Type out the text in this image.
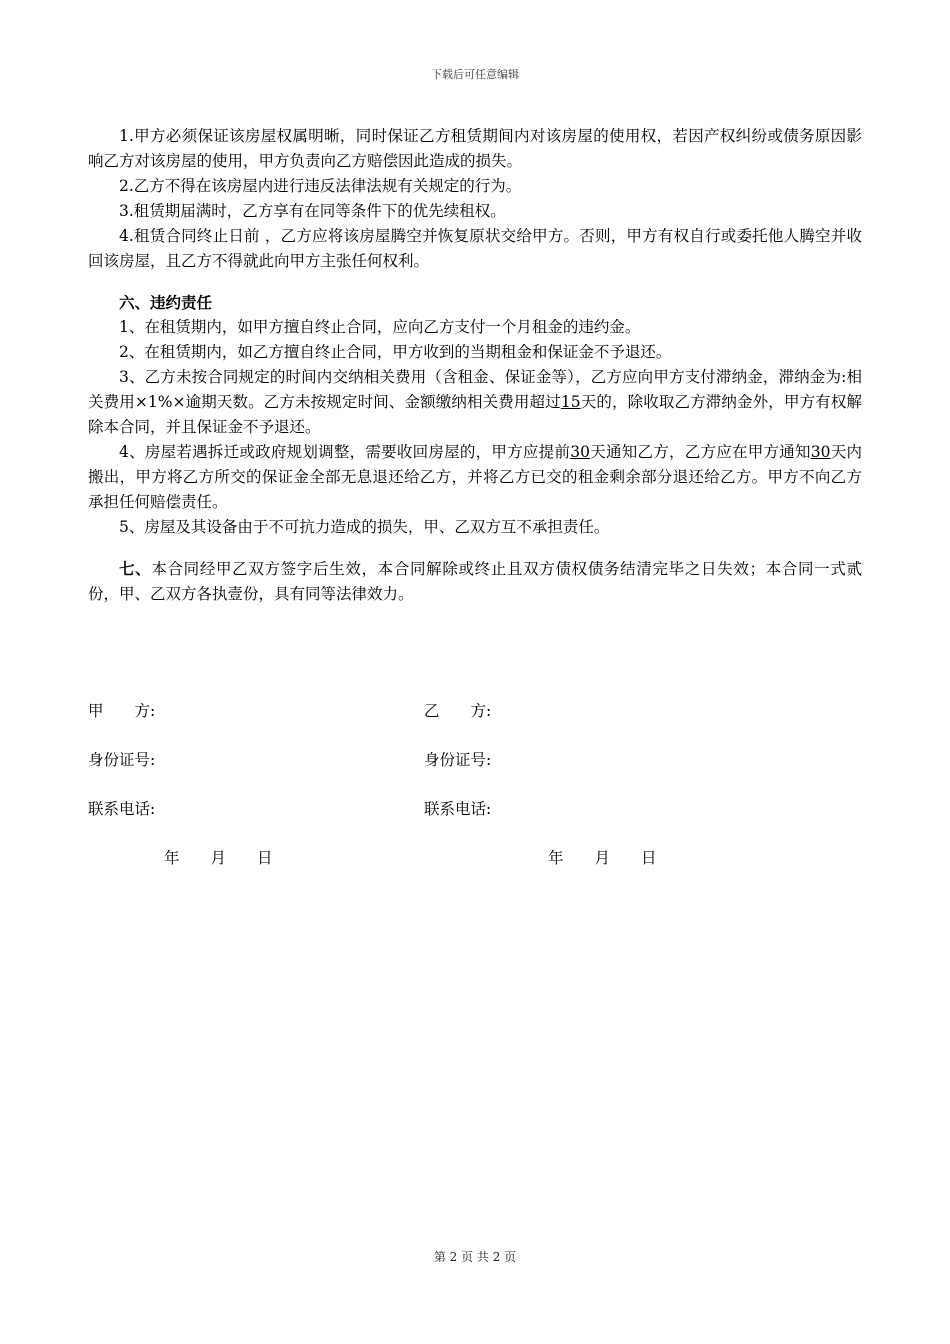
下载后可任意编辑

1.甲方必须保证该房屋权属明晰，同时保证乙方租赁期间内对该房屋的使用权，若因产权纠纷或债务原因影响乙方对该房屋的使用，甲方负责向乙方赔偿因此造成的损失。

2.乙方不得在该房屋内进行违反法律法规有关规定的行为。

3.租赁期届满时，乙方享有在同等条件下的优先续租权。

4.租赁合同终止日前 ，乙方应将该房屋腾空并恢复原状交给甲方。否则，甲方有权自行或委托他人腾空并收回该房屋，且乙方不得就此向甲方主张任何权利。

六、违约责任

1、在租赁期内，如甲方擅自终止合同，应向乙方支付一个月租金的违约金。

2、在租赁期内，如乙方擅自终止合同，甲方收到的当期租金和保证金不予退还。

3、乙方未按合同规定的时间内交纳相关费用（含租金、保证金等），乙方应向甲方支付滞纳金，滞纳金为:相关费用×1%×逾期天数。乙方未按规定时间、金额缴纳相关费用超过15天的，除收取乙方滞纳金外，甲方有权解除本合同，并且保证金不予退还。

4、房屋若遇拆迁或政府规划调整，需要收回房屋的，甲方应提前30天通知乙方，乙方应在甲方通知30天内搬出，甲方将乙方所交的保证金全部无息退还给乙方，并将乙方已交的租金剩余部分退还给乙方。甲方不向乙方承担任何赔偿责任。

5、房屋及其设备由于不可抗力造成的损失，甲、乙双方互不承担责任。

七、本合同经甲乙双方签字后生效，本合同解除或终止且双方债权债务结清完毕之日失效；本合同一式贰份，甲、乙双方各执壹份，具有同等法律效力。

甲　　方:	乙　　方:
身份证号:	身份证号:
联系电话:	联系电话:
年　　月　　日	年　　月　　日
第 2 页 共 2 页
